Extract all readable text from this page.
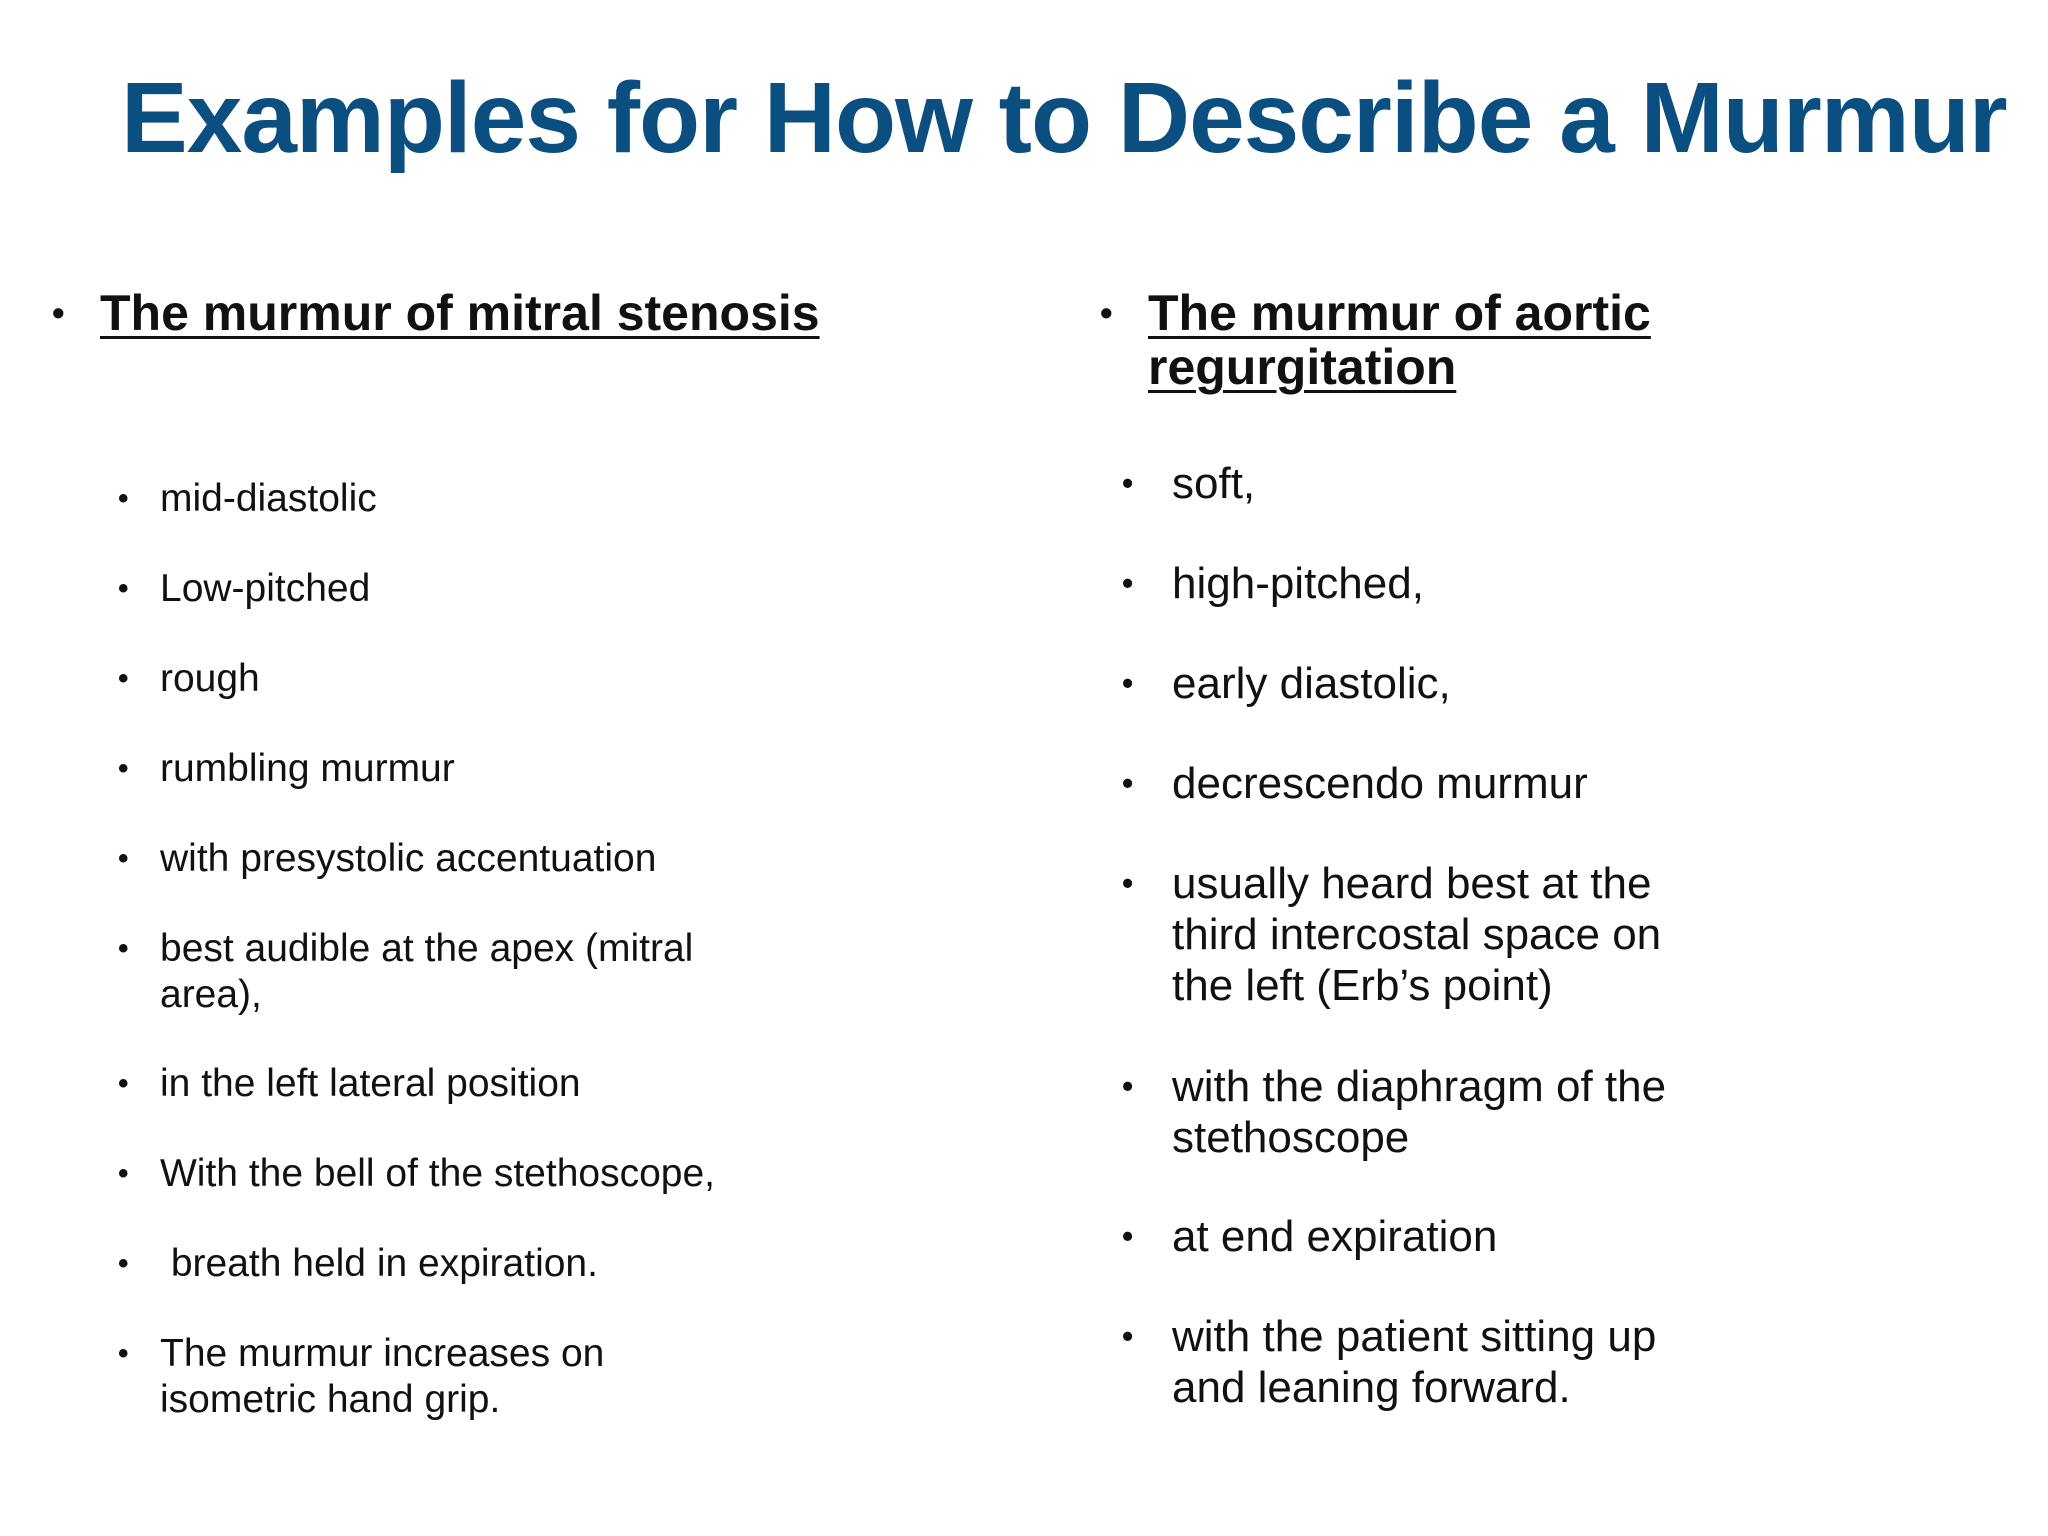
Examples for How to Describe a Murmur
• The murmur of mitral stenosis
• mid-diastolic
• Low-pitched
• rough
• rumbling murmur
• with presystolic accentuation
• best audible at the apex (mitral area),
• in the left lateral position
• With the bell of the stethoscope,
• breath held in expiration.
• The murmur increases on isometric hand grip.
• The murmur of aortic regurgitation
• soft,
• high-pitched,
• early diastolic,
• decrescendo murmur
• usually heard best at the third intercostal space on the left (Erb’s point)
• with the diaphragm of the stethoscope
• at end expiration
• with the patient sitting up and leaning forward.
